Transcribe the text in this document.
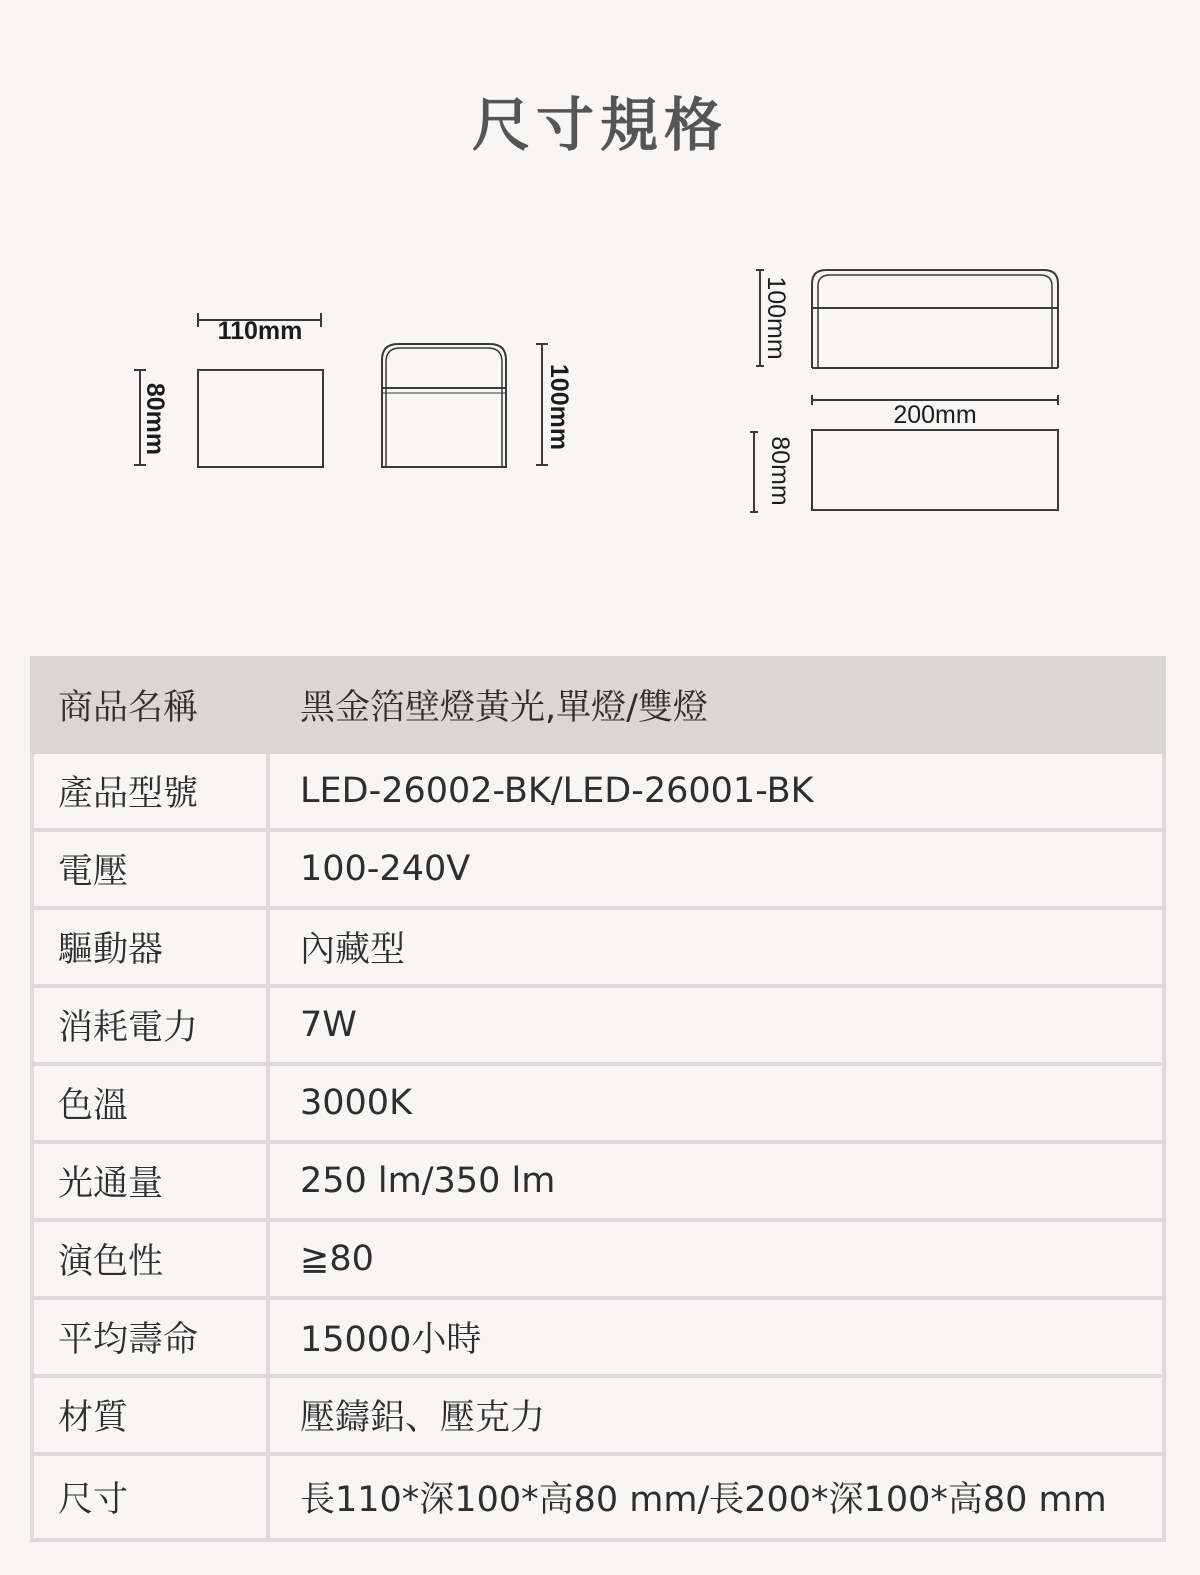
尺寸規格
110mm
80mm	100mm
100mm
200mm
80mm
商品名稱	黑金箔壁燈黃光,單燈/雙燈
產品型號	LED-26002-BK/LED-26001-BK
電壓	100-240V
驅動器	內藏型
消耗電力	7W
色溫	3000K
光通量	250 lm/350 lm
演色性	≧80
平均壽命	15000小時
材質	壓鑄鋁、壓克力
尺寸	長110*深100*高80 mm/長200*深100*高80 mm
